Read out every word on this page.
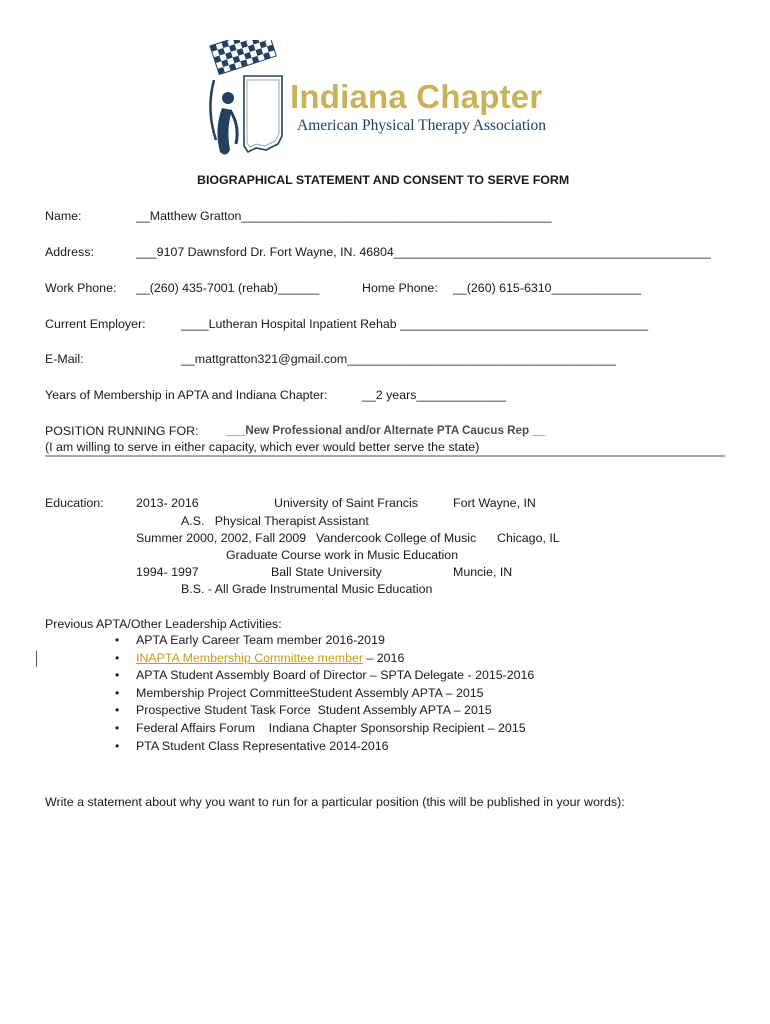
Indiana Chapter
American Physical Therapy Association
BIOGRAPHICAL STATEMENT AND CONSENT TO SERVE FORM
Name:	__Matthew Gratton_____________________________________________
Address:	___9107 Dawnsford Dr. Fort Wayne, IN. 46804______________________________________________
Work Phone: __(260) 435-7001 (rehab)______	Home Phone: __(260) 615-6310_____________
Current Employer:	____Lutheran Hospital Inpatient Rehab ____________________________________
E-Mail:	__mattgratton321@gmail.com_______________________________________
Years of Membership in APTA and Indiana Chapter:	__2 years_____________
POSITION RUNNING FOR: ___New Professional and/or Alternate PTA Caucus Rep __
(I am willing to serve in either capacity, which ever would better serve the state)
Education:	2013- 2016	University of Saint Francis	Fort Wayne, IN
A.S.   Physical Therapist Assistant
Summer 2000, 2002, Fall 2009 Vandercook College of Music Chicago, IL
Graduate Course work in Music Education
1994- 1997	Ball State University	Muncie, IN
B.S. - All Grade Instrumental Music Education
Previous APTA/Other Leadership Activities:
• APTA Early Career Team member 2016-2019
• INAPTA Membership Committee member – 2016
• APTA Student Assembly Board of Director – SPTA Delegate - 2015-2016
• Membership Project CommitteeStudent Assembly APTA – 2015
• Prospective Student Task Force  Student Assembly APTA – 2015
• Federal Affairs Forum    Indiana Chapter Sponsorship Recipient – 2015
• PTA Student Class Representative 2014-2016
Write a statement about why you want to run for a particular position (this will be published in your words):
